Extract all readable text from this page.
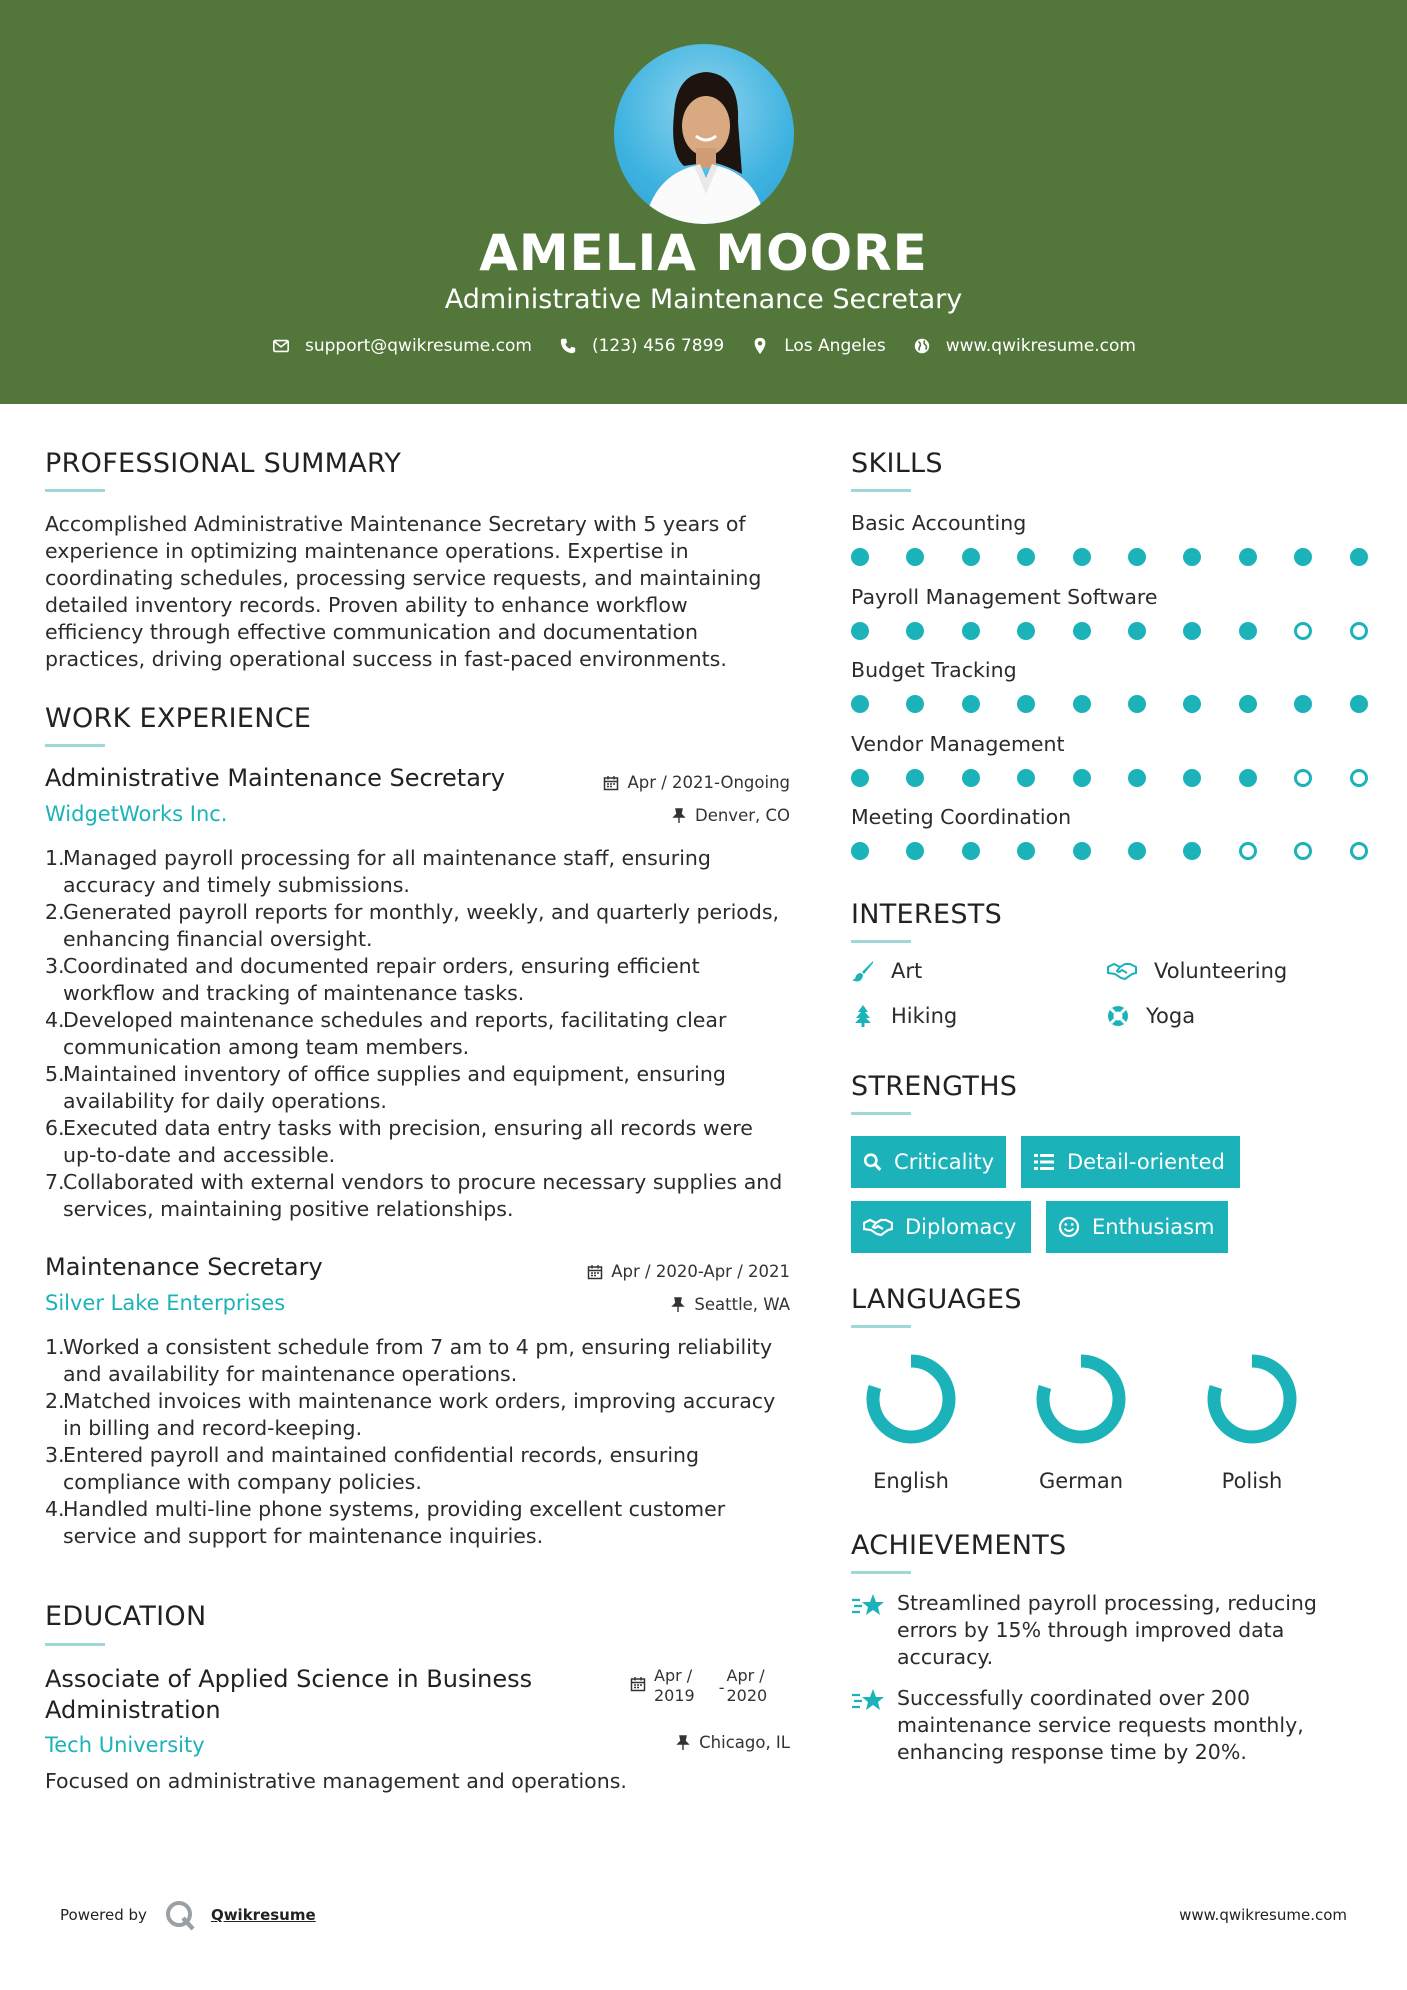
AMELIA MOORE
Administrative Maintenance Secretary
support@qwikresume.com	(123) 456 7899	Los Angeles	www.qwikresume.com
PROFESSIONAL SUMMARY
Accomplished Administrative Maintenance Secretary with 5 years of
experience in optimizing maintenance operations. Expertise in
coordinating schedules, processing service requests, and maintaining
detailed inventory records. Proven ability to enhance workflow
efficiency through effective communication and documentation
practices, driving operational success in fast-paced environments.
WORK EXPERIENCE
Administrative Maintenance Secretary	Apr / 2021-Ongoing
WidgetWorks Inc.	Denver, CO
1.
Managed payroll processing for all maintenance staff, ensuring
accuracy and timely submissions.
2.
Generated payroll reports for monthly, weekly, and quarterly periods,
enhancing financial oversight.
3.
Coordinated and documented repair orders, ensuring efficient
workflow and tracking of maintenance tasks.
4.
Developed maintenance schedules and reports, facilitating clear
communication among team members.
5.
Maintained inventory of office supplies and equipment, ensuring
availability for daily operations.
6.
Executed data entry tasks with precision, ensuring all records were
up-to-date and accessible.
7.
Collaborated with external vendors to procure necessary supplies and
services, maintaining positive relationships.
Maintenance Secretary	Apr / 2020-Apr / 2021
Silver Lake Enterprises	Seattle, WA
1.
Worked a consistent schedule from 7 am to 4 pm, ensuring reliability
and availability for maintenance operations.
2.
Matched invoices with maintenance work orders, improving accuracy
in billing and record-keeping.
3.
Entered payroll and maintained confidential records, ensuring
compliance with company policies.
4.
Handled multi-line phone systems, providing excellent customer
service and support for maintenance inquiries.
EDUCATION
Associate of Applied Science in Business
Administration
Apr /
2019 -
Apr /
2020
Tech University	Chicago, IL
Focused on administrative management and operations.
SKILLS
Basic Accounting
Payroll Management Software
Budget Tracking
Vendor Management
Meeting Coordination
INTERESTS
Art	Volunteering
Hiking	Yoga
STRENGTHS
Criticality	Detail-oriented
Diplomacy	Enthusiasm
LANGUAGES
English	German	Polish
ACHIEVEMENTS
Streamlined payroll processing, reducing
errors by 15% through improved data
accuracy.
Successfully coordinated over 200
maintenance service requests monthly,
enhancing response time by 20%.
Powered by	Qwikresume	www.qwikresume.com
